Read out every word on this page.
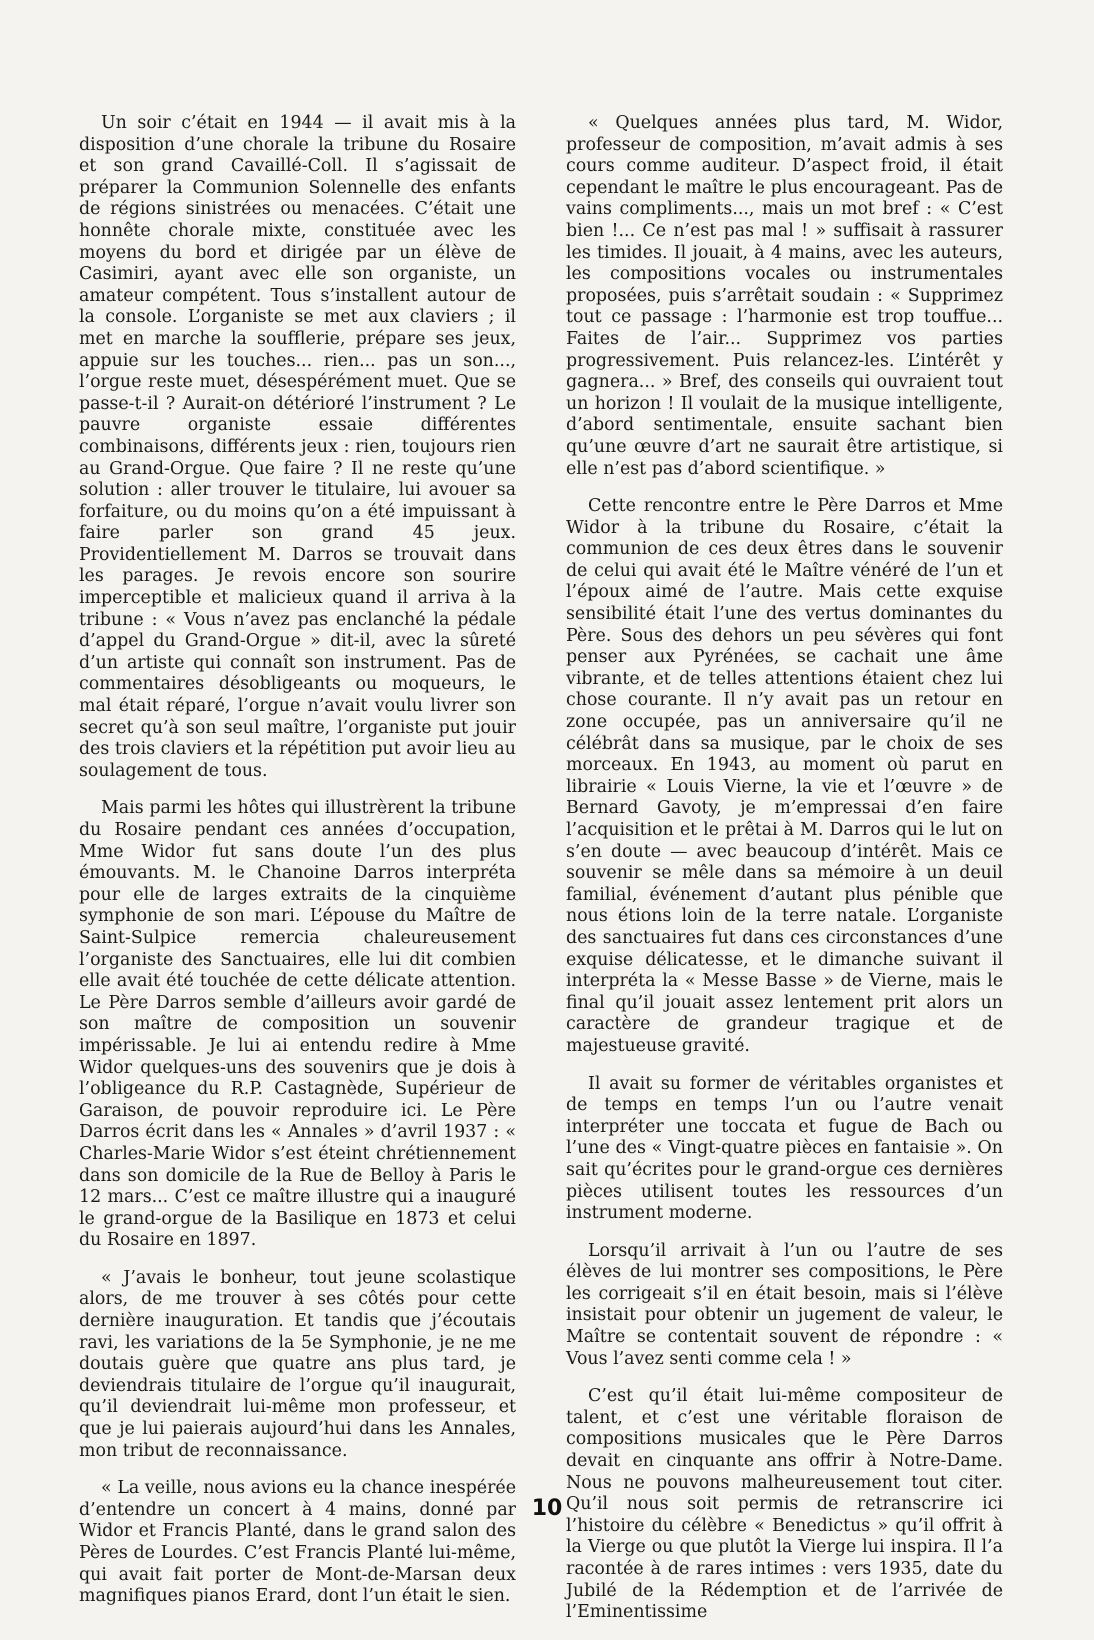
Un soir c’était en 1944 — il avait mis à la disposition d’une chorale la tribune du Rosaire et son grand Cavaillé-Coll. Il s’agissait de préparer la Communion Solennelle des enfants de régions sinistrées ou menacées. C’était une honnête chorale mixte, constituée avec les moyens du bord et dirigée par un élève de Casimiri, ayant avec elle son organiste, un amateur compétent. Tous s’installent autour de la console. L’organiste se met aux claviers ; il met en marche la soufflerie, prépare ses jeux, appuie sur les touches... rien... pas un son..., l’orgue reste muet, désespérément muet. Que se passe-t-il ? Aurait-on détérioré l’instrument ? Le pauvre organiste essaie différentes combinaisons, différents jeux : rien, toujours rien au Grand-Orgue. Que faire ? Il ne reste qu’une solution : aller trouver le titulaire, lui avouer sa forfaiture, ou du moins qu’on a été impuissant à faire parler son grand 45 jeux. Providentiellement M. Darros se trouvait dans les parages. Je revois encore son sourire imperceptible et malicieux quand il arriva à la tribune : « Vous n’avez pas enclanché la pédale d’appel du Grand-Orgue » dit-il, avec la sûreté d’un artiste qui connaît son instrument. Pas de commentaires désobligeants ou moqueurs, le mal était réparé, l’orgue n’avait voulu livrer son secret qu’à son seul maître, l’organiste put jouir des trois claviers et la répétition put avoir lieu au soulagement de tous.

Mais parmi les hôtes qui illustrèrent la tribune du Rosaire pendant ces années d’occupation, Mme Widor fut sans doute l’un des plus émouvants. M. le Chanoine Darros interpréta pour elle de larges extraits de la cinquième symphonie de son mari. L’épouse du Maître de Saint-Sulpice remercia chaleureusement l’organiste des Sanctuaires, elle lui dit combien elle avait été touchée de cette délicate attention. Le Père Darros semble d’ailleurs avoir gardé de son maître de composition un souvenir impérissable. Je lui ai entendu redire à Mme Widor quelques-uns des souvenirs que je dois à l’obligeance du R.P. Castagnède, Supérieur de Garaison, de pouvoir reproduire ici. Le Père Darros écrit dans les « Annales » d’avril 1937 : « Charles-Marie Widor s’est éteint chrétiennement dans son domicile de la Rue de Belloy à Paris le 12 mars... C’est ce maître illustre qui a inauguré le grand-orgue de la Basilique en 1873 et celui du Rosaire en 1897.

« J’avais le bonheur, tout jeune scolastique alors, de me trouver à ses côtés pour cette dernière inauguration. Et tandis que j’écoutais ravi, les variations de la 5e Symphonie, je ne me doutais guère que quatre ans plus tard, je deviendrais titulaire de l’orgue qu’il inaugurait, qu’il deviendrait lui-même mon professeur, et que je lui paierais aujourd’hui dans les Annales, mon tribut de reconnaissance.

« La veille, nous avions eu la chance inespérée d’entendre un concert à 4 mains, donné par Widor et Francis Planté, dans le grand salon des Pères de Lourdes. C’est Francis Planté lui-même, qui avait fait porter de Mont-de-Marsan deux magnifiques pianos Erard, dont l’un était le sien.

« Quelques années plus tard, M. Widor, professeur de composition, m’avait admis à ses cours comme auditeur. D’aspect froid, il était cependant le maître le plus encourageant. Pas de vains compliments..., mais un mot bref : « C’est bien !... Ce n’est pas mal ! » suffisait à rassurer les timides. Il jouait, à 4 mains, avec les auteurs, les compositions vocales ou instrumentales proposées, puis s’arrêtait soudain : « Supprimez tout ce passage : l’harmonie est trop touffue... Faites de l’air... Supprimez vos parties progressivement. Puis relancez-les. L’intérêt y gagnera... » Bref, des conseils qui ouvraient tout un horizon ! Il voulait de la musique intelligente, d’abord sentimentale, ensuite sachant bien qu’une œuvre d’art ne saurait être artistique, si elle n’est pas d’abord scientifique. »

Cette rencontre entre le Père Darros et Mme Widor à la tribune du Rosaire, c’était la communion de ces deux êtres dans le souvenir de celui qui avait été le Maître vénéré de l’un et l’époux aimé de l’autre. Mais cette exquise sensibilité était l’une des vertus dominantes du Père. Sous des dehors un peu sévères qui font penser aux Pyrénées, se cachait une âme vibrante, et de telles attentions étaient chez lui chose courante. Il n’y avait pas un retour en zone occupée, pas un anniversaire qu’il ne célébrât dans sa musique, par le choix de ses morceaux. En 1943, au moment où parut en librairie « Louis Vierne, la vie et l’œuvre » de Bernard Gavoty, je m’empressai d’en faire l’acquisition et le prêtai à M. Darros qui le lut on s’en doute — avec beaucoup d’intérêt. Mais ce souvenir se mêle dans sa mémoire à un deuil familial, événement d’autant plus pénible que nous étions loin de la terre natale. L’organiste des sanctuaires fut dans ces circonstances d’une exquise délicatesse, et le dimanche suivant il interpréta la « Messe Basse » de Vierne, mais le final qu’il jouait assez lentement prit alors un caractère de grandeur tragique et de majestueuse gravité.

Il avait su former de véritables organistes et de temps en temps l’un ou l’autre venait interpréter une toccata et fugue de Bach ou l’une des « Vingt-quatre pièces en fantaisie ». On sait qu’écrites pour le grand-orgue ces dernières pièces utilisent toutes les ressources d’un instrument moderne.

Lorsqu’il arrivait à l’un ou l’autre de ses élèves de lui montrer ses compositions, le Père les corrigeait s’il en était besoin, mais si l’élève insistait pour obtenir un jugement de valeur, le Maître se contentait souvent de répondre : « Vous l’avez senti comme cela ! »

C’est qu’il était lui-même compositeur de talent, et c’est une véritable floraison de compositions musicales que le Père Darros devait en cinquante ans offrir à Notre-Dame. Nous ne pouvons malheureusement tout citer. Qu’il nous soit permis de retranscrire ici l’histoire du célèbre « Benedictus » qu’il offrit à la Vierge ou que plutôt la Vierge lui inspira. Il l’a racontée à de rares intimes : vers 1935, date du Jubilé de la Rédemption et de l’arrivée de l’Eminentissime

10
